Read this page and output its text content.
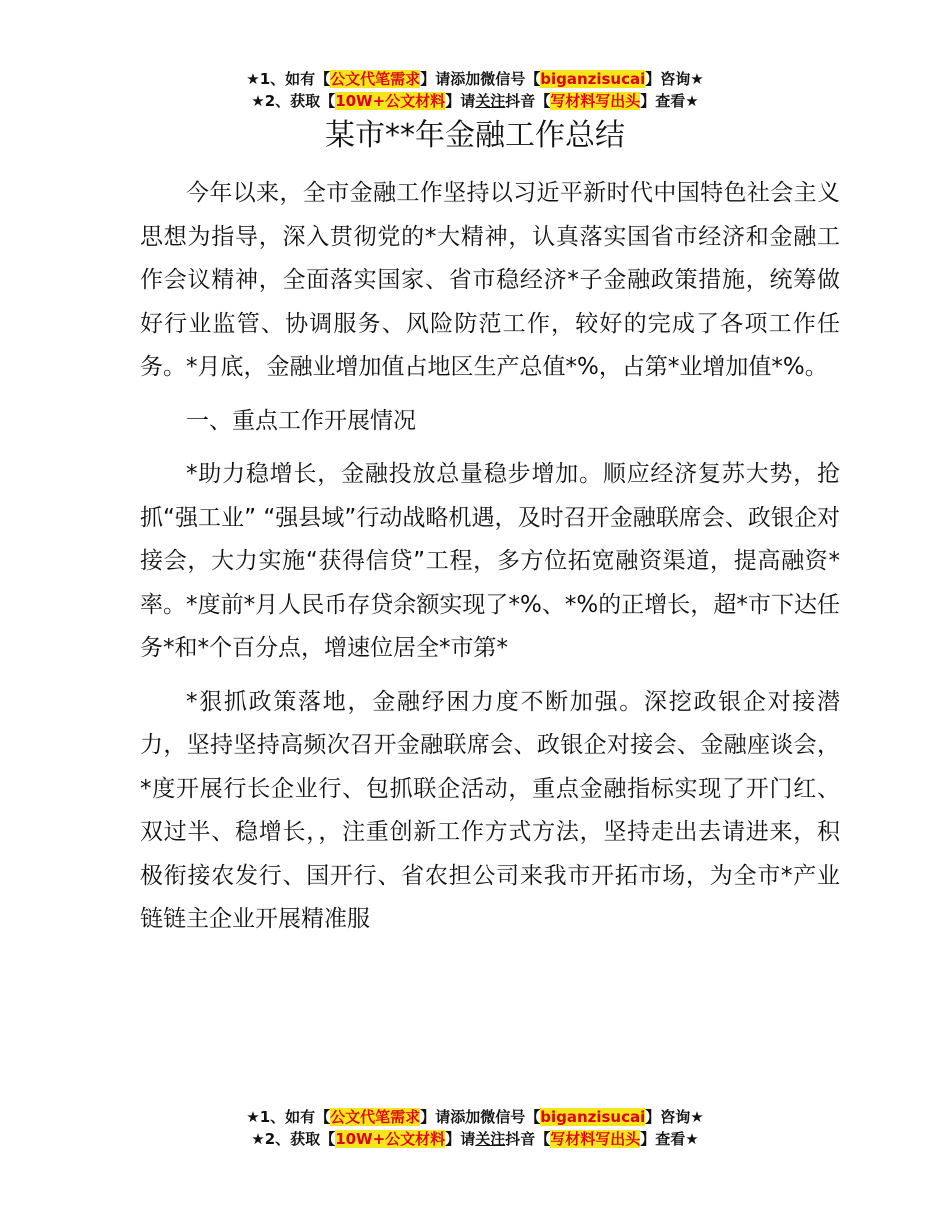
★1、如有【公文代笔需求】请添加微信号【biganzisucai】咨询★
★2、获取【10W+公文材料】请关注抖音【写材料写出头】查看★
某市**年金融工作总结

今年以来，全市金融工作坚持以习近平新时代中国特色社会主义思想为指导，深入贯彻党的*大精神，认真落实国省市经济和金融工作会议精神，全面落实国家、省市稳经济*子金融政策措施，统筹做好行业监管、协调服务、风险防范工作，较好的完成了各项工作任务。*月底，金融业增加值占地区生产总值*%，占第*业增加值*%。

一、重点工作开展情况

*助力稳增长，金融投放总量稳步增加。顺应经济复苏大势，抢抓“强工业” “强县域”行动战略机遇，及时召开金融联席会、政银企对接会，大力实施“获得信贷”工程，多方位拓宽融资渠道，提高融资*率。*度前*月人民币存贷余额实现了*%、*%的正增长，超*市下达任务*和*个百分点，增速位居全*市第*

*狠抓政策落地，金融纾困力度不断加强。深挖政银企对接潜力，坚持坚持高频次召开金融联席会、政银企对接会、金融座谈会，*度开展行长企业行、包抓联企活动，重点金融指标实现了开门红、双过半、稳增长，，注重创新工作方式方法，坚持走出去请进来，积极衔接农发行、国开行、省农担公司来我市开拓市场，为全市*产业链链主企业开展精准服

★1、如有【公文代笔需求】请添加微信号【biganzisucai】咨询★
★2、获取【10W+公文材料】请关注抖音【写材料写出头】查看★
